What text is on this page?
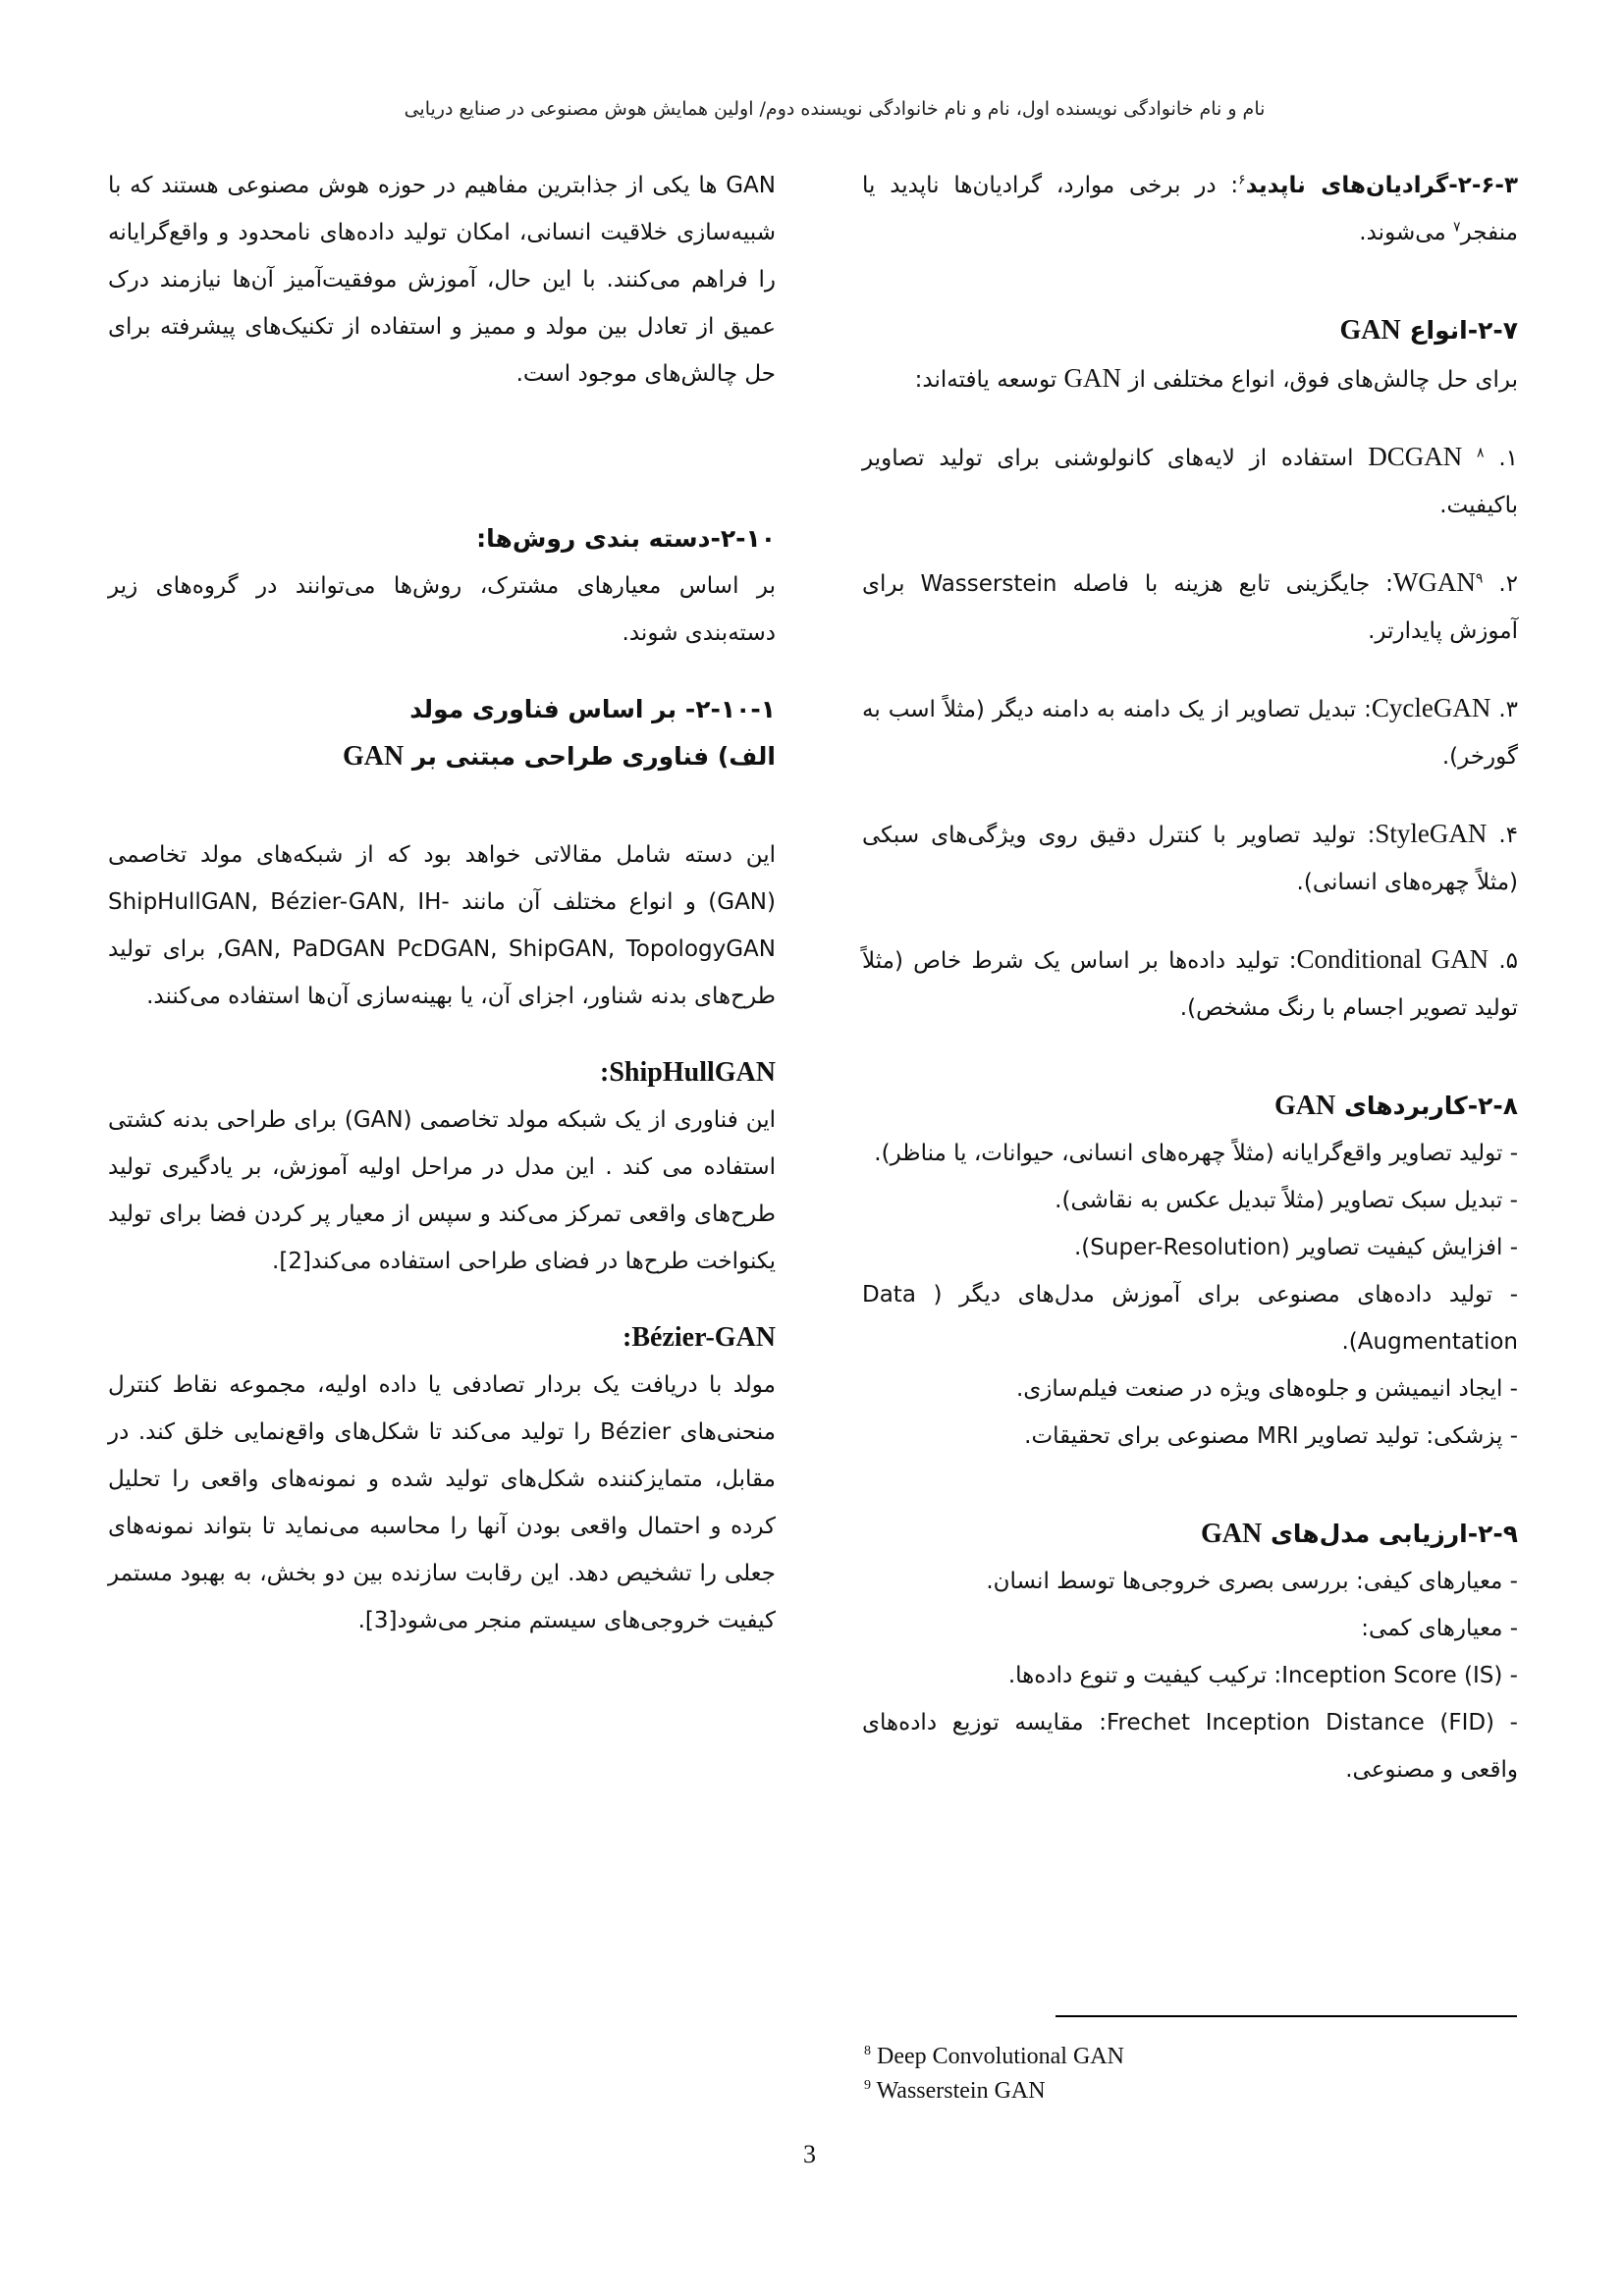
نام و نام خانوادگی نویسنده اول، نام و نام خانوادگی نویسنده دوم/ اولین همایش هوش مصنوعی در صنایع دریایی

۲-۶-۳-گرادیان‌های ناپدید$^۶$: در برخی موارد، گرادیان‌ها ناپدید یا منفجر$^۷$ می‌شوند.

۲-۷-انواع GAN

برای حل چالش‌های فوق، انواع مختلفی از GAN توسعه یافته‌اند:

۱. $^۸$ DCGAN استفاده از لایه‌های کانولوشنی برای تولید تصاویر باکیفیت.

۲. WGAN$^۹$: جایگزینی تابع هزینه با فاصله Wasserstein برای آموزش پایدارتر.

۳. CycleGAN: تبدیل تصاویر از یک دامنه به دامنه دیگر (مثلاً اسب به گورخر).

۴. StyleGAN: تولید تصاویر با کنترل دقیق روی ویژگی‌های سبکی (مثلاً چهره‌های انسانی).

۵. Conditional GAN: تولید داده‌ها بر اساس یک شرط خاص (مثلاً تولید تصویر اجسام با رنگ مشخص).

۲-۸-کاربردهای GAN
- تولید تصاویر واقع‌گرایانه (مثلاً چهره‌های انسانی، حیوانات، یا مناظر).
- تبدیل سبک تصاویر (مثلاً تبدیل عکس به نقاشی).
- افزایش کیفیت تصاویر (Super-Resolution).
- تولید داده‌های مصنوعی برای آموزش مدل‌های دیگر ( Data Augmentation).
- ایجاد انیمیشن و جلوه‌های ویژه در صنعت فیلم‌سازی.
- پزشکی: تولید تصاویر MRI مصنوعی برای تحقیقات.
۲-۹-ارزیابی مدل‌های GAN
- معیارهای کیفی: بررسی بصری خروجی‌ها توسط انسان.
- معیارهای کمی:
- Inception Score (IS): ترکیب کیفیت و تنوع داده‌ها.
- Frechet Inception Distance (FID): مقایسه توزیع داده‌های واقعی و مصنوعی.

GAN ها یکی از جذابترین مفاهیم در حوزه هوش مصنوعی هستند که با شبیه‌سازی خلاقیت انسانی، امکان تولید داده‌های نامحدود و واقع‌گرایانه را فراهم می‌کنند. با این حال، آموزش موفقیت‌آمیز آن‌ها نیازمند درک عمیق از تعادل بین مولد و ممیز و استفاده از تکنیک‌های پیشرفته برای حل چالش‌های موجود است.

۲-۱۰-دسته بندی روش‌ها:

بر اساس معیارهای مشترک، روش‌ها می‌توانند در گروه‌های زیر دسته‌بندی شوند.

۲-۱۰-۱- بر اساس فناوری مولد
الف) فناوری طراحی مبتنی بر GAN

این دسته شامل مقالاتی خواهد بود که از شبکه‌های مولد تخاصمی (GAN) و انواع مختلف آن مانند ShipHullGAN, Bézier-GAN, IH-GAN, PaDGAN PcDGAN, ShipGAN, TopologyGAN, برای تولید طرح‌های بدنه شناور، اجزای آن، یا بهینه‌سازی آن‌ها استفاده می‌کنند.

ShipHullGAN:

این فناوری از یک شبکه مولد تخاصمی (GAN) برای طراحی بدنه کشتی استفاده می کند . این مدل در مراحل اولیه آموزش، بر یادگیری تولید طرح‌های واقعی تمرکز می‌کند و سپس از معیار پر کردن فضا برای تولید یکنواخت طرح‌ها در فضای طراحی استفاده می‌کند[2].

Bézier-GAN:

مولد با دریافت یک بردار تصادفی یا داده اولیه، مجموعه نقاط کنترل منحنی‌های Bézier را تولید می‌کند تا شکل‌های واقع‌نمایی خلق کند. در مقابل، متمایزکننده شکل‌های تولید شده و نمونه‌های واقعی را تحلیل کرده و احتمال واقعی بودن آنها را محاسبه می‌نماید تا بتواند نمونه‌های جعلی را تشخیص دهد. این رقابت سازنده بین دو بخش، به بهبود مستمر کیفیت خروجی‌های سیستم منجر می‌شود[3].

$^8$ Deep Convolutional GAN
$^9$ Wasserstein GAN
3
